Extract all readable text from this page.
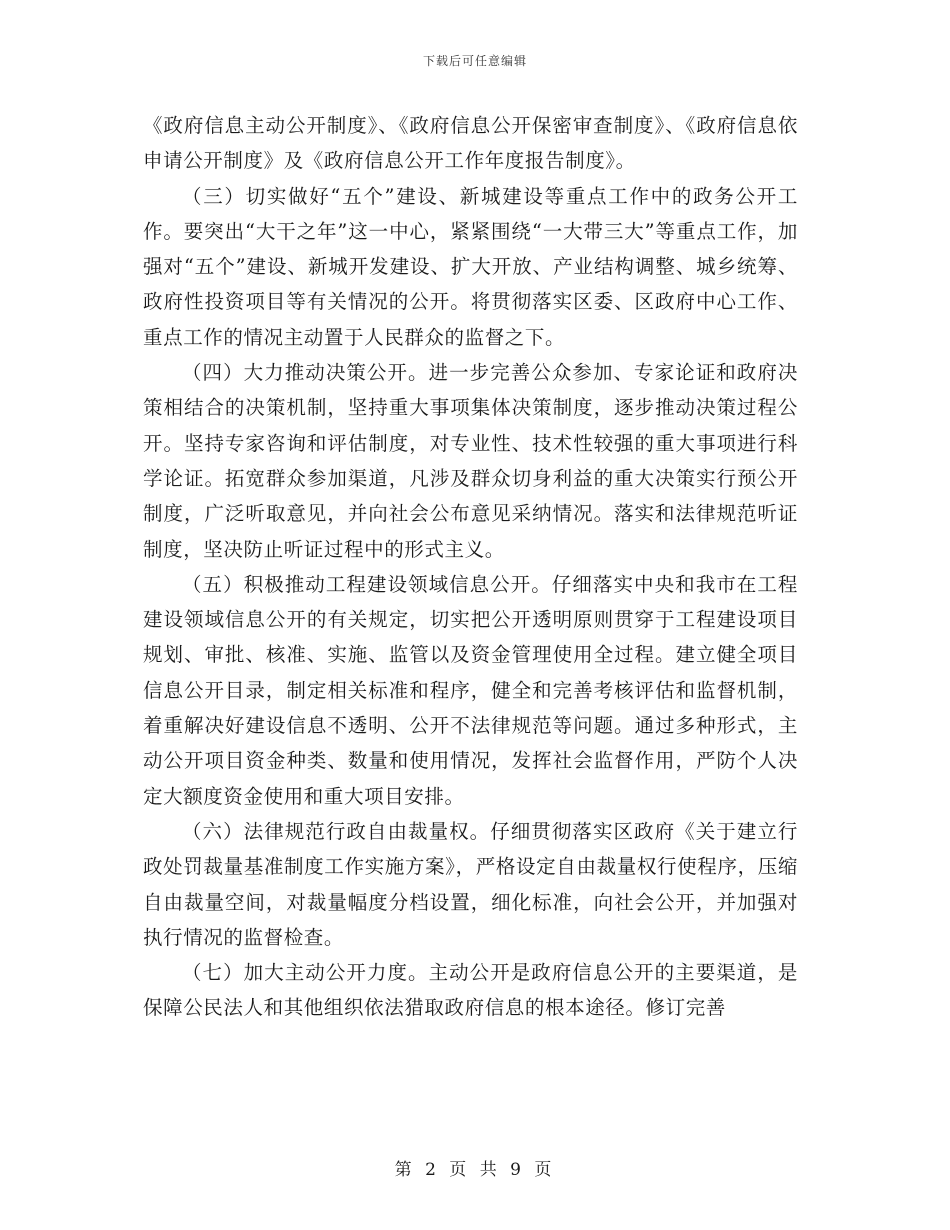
下载后可任意编辑

《政府信息主动公开制度》、《政府信息公开保密审查制度》、《政府信息依申请公开制度》及《政府信息公开工作年度报告制度》。

（三）切实做好“五个”建设、新城建设等重点工作中的政务公开工作。要突出“大干之年”这一中心，紧紧围绕“一大带三大”等重点工作，加强对“五个”建设、新城开发建设、扩大开放、产业结构调整、城乡统筹、政府性投资项目等有关情况的公开。将贯彻落实区委、区政府中心工作、重点工作的情况主动置于人民群众的监督之下。

（四）大力推动决策公开。进一步完善公众参加、专家论证和政府决策相结合的决策机制，坚持重大事项集体决策制度，逐步推动决策过程公开。坚持专家咨询和评估制度，对专业性、技术性较强的重大事项进行科学论证。拓宽群众参加渠道，凡涉及群众切身利益的重大决策实行预公开制度，广泛听取意见，并向社会公布意见采纳情况。落实和法律规范听证制度，坚决防止听证过程中的形式主义。

（五）积极推动工程建设领域信息公开。仔细落实中央和我市在工程建设领域信息公开的有关规定，切实把公开透明原则贯穿于工程建设项目规划、审批、核准、实施、监管以及资金管理使用全过程。建立健全项目信息公开目录，制定相关标准和程序，健全和完善考核评估和监督机制，着重解决好建设信息不透明、公开不法律规范等问题。通过多种形式，主动公开项目资金种类、数量和使用情况，发挥社会监督作用，严防个人决定大额度资金使用和重大项目安排。

（六）法律规范行政自由裁量权。仔细贯彻落实区政府《关于建立行政处罚裁量基准制度工作实施方案》，严格设定自由裁量权行使程序，压缩自由裁量空间，对裁量幅度分档设置，细化标准，向社会公开，并加强对执行情况的监督检查。

（七）加大主动公开力度。主动公开是政府信息公开的主要渠道，是保障公民法人和其他组织依法猎取政府信息的根本途径。修订完善

第 2 页 共 9 页
